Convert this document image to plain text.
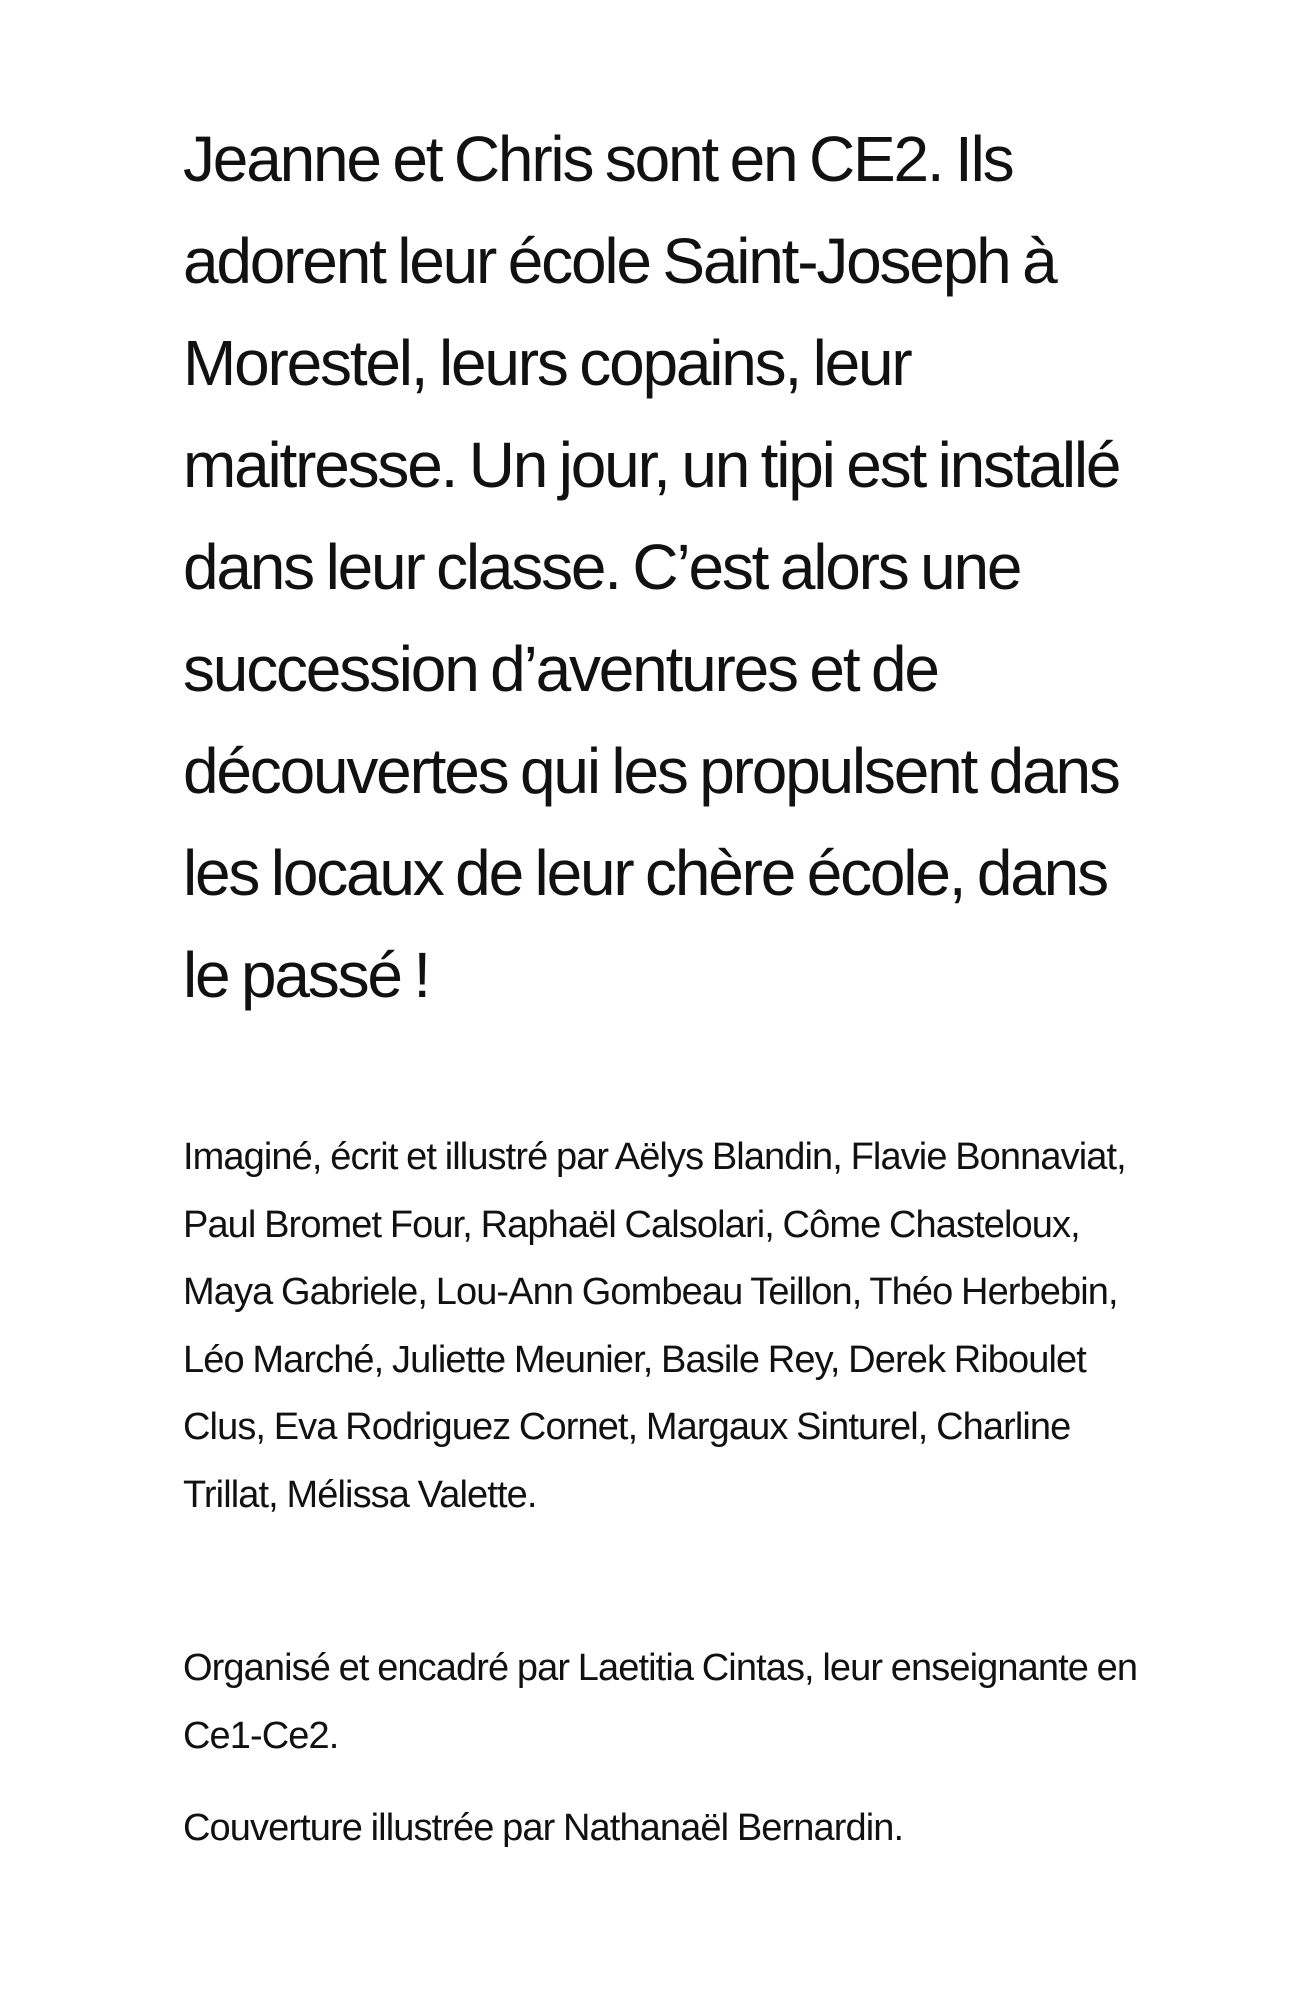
Jeanne et Chris sont en CE2. Ils adorent leur école Saint-Joseph à Morestel, leurs copains, leur maitresse. Un jour, un tipi est installé dans leur classe. C’est alors une succession d’aventures et de découvertes qui les propulsent dans les locaux de leur chère école, dans le passé !

Imaginé, écrit et illustré par Aëlys Blandin, Flavie Bonnaviat, Paul Bromet Four, Raphaël Calsolari, Côme Chasteloux, Maya Gabriele, Lou-Ann Gombeau Teillon, Théo Herbebin, Léo Marché, Juliette Meunier, Basile Rey, Derek Riboulet Clus, Eva Rodriguez Cornet, Margaux Sinturel, Charline Trillat, Mélissa Valette.

Organisé et encadré par Laetitia Cintas, leur enseignante en Ce1-Ce2.

Couverture illustrée par Nathanaël Bernardin.
